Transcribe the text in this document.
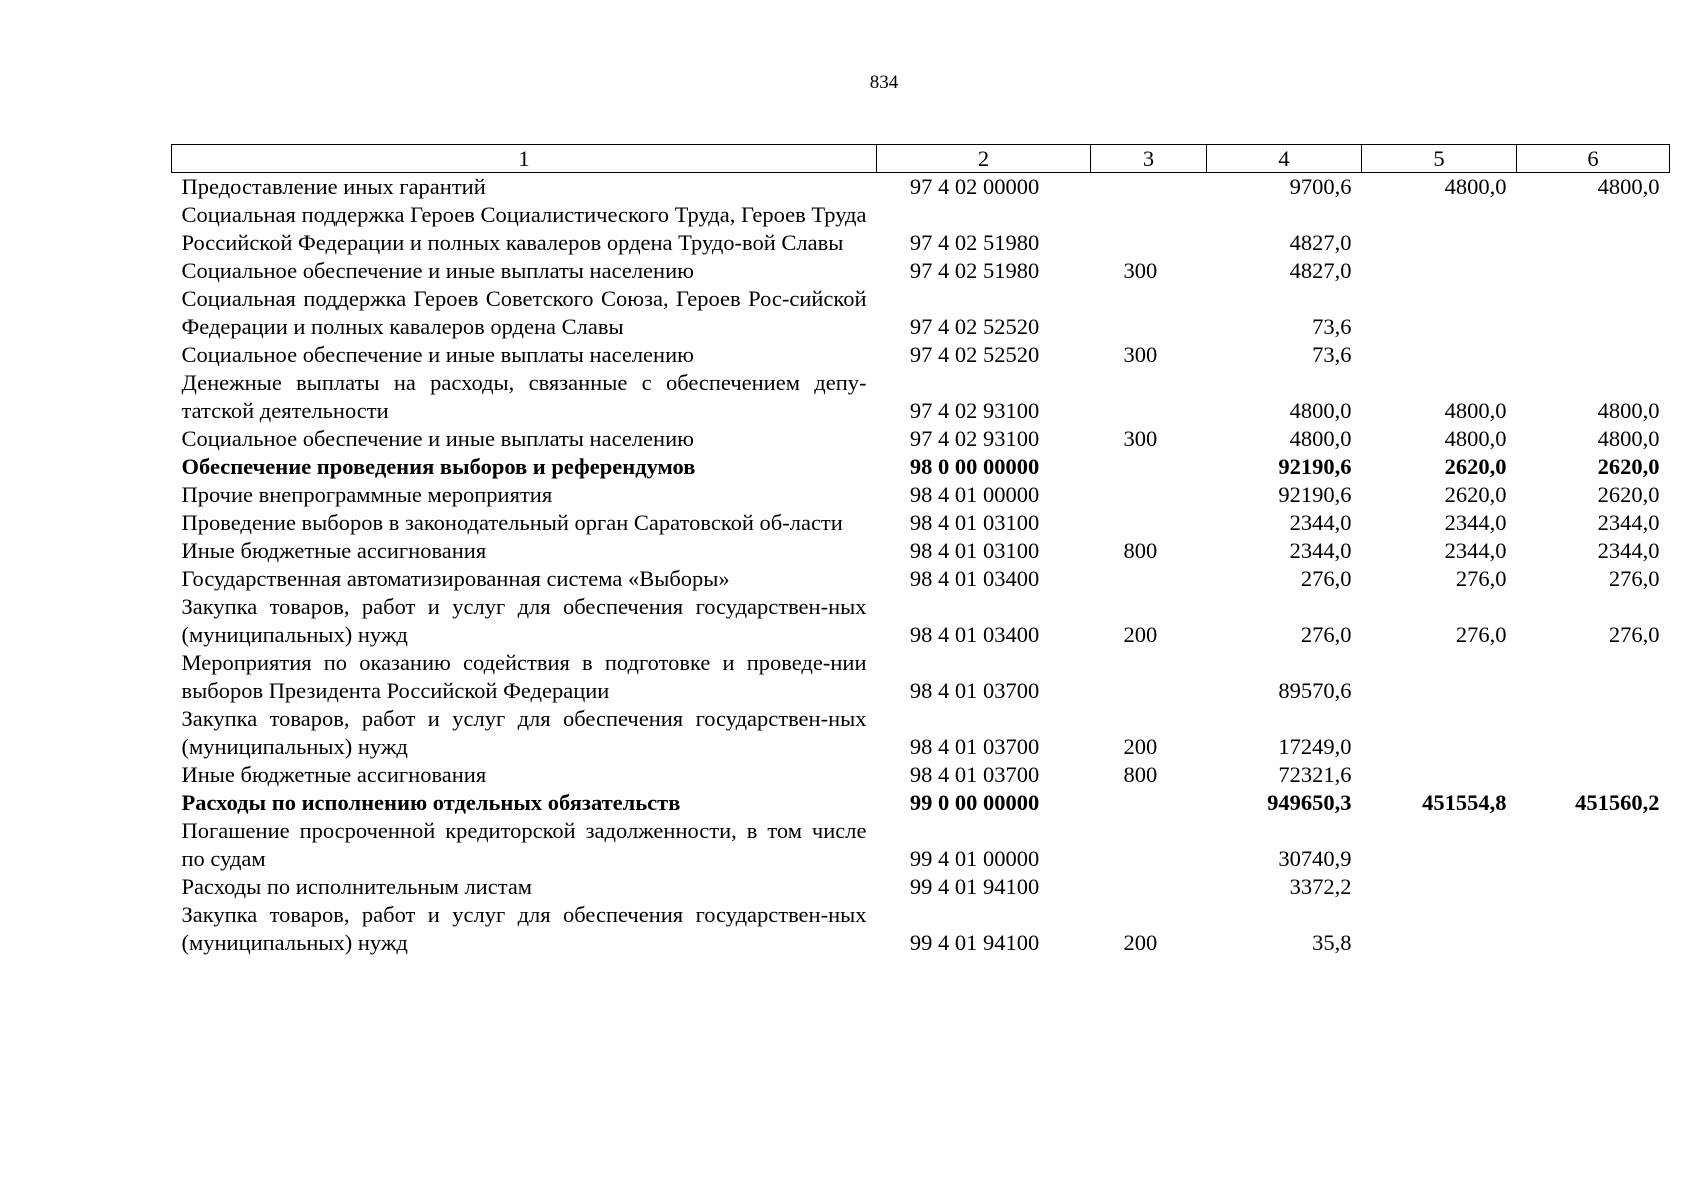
834
1	2	3	4	5	6
Предоставление иных гарантий	97 4 02 00000		9700,6	4800,0	4800,0
Социальная поддержка Героев Социалистического Труда, Героев Труда Российской Федерации и полных кавалеров ордена Трудо-вой Славы	97 4 02 51980		4827,0		
Социальное обеспечение и иные выплаты населению	97 4 02 51980	300	4827,0		
Социальная поддержка Героев Советского Союза, Героев Рос-сийской Федерации и полных кавалеров ордена Славы	97 4 02 52520		73,6		
Социальное обеспечение и иные выплаты населению	97 4 02 52520	300	73,6		
Денежные выплаты на расходы, связанные с обеспечением депу-татской деятельности	97 4 02 93100		4800,0	4800,0	4800,0
Социальное обеспечение и иные выплаты населению	97 4 02 93100	300	4800,0	4800,0	4800,0
Обеспечение проведения выборов и референдумов	98 0 00 00000		92190,6	2620,0	2620,0
Прочие внепрограммные мероприятия	98 4 01 00000		92190,6	2620,0	2620,0
Проведение выборов в законодательный орган Саратовской об-ласти	98 4 01 03100		2344,0	2344,0	2344,0
Иные бюджетные ассигнования	98 4 01 03100	800	2344,0	2344,0	2344,0
Государственная автоматизированная система «Выборы»	98 4 01 03400		276,0	276,0	276,0
Закупка товаров, работ и услуг для обеспечения государствен-ных (муниципальных) нужд	98 4 01 03400	200	276,0	276,0	276,0
Мероприятия по оказанию содействия в подготовке и проведе-нии выборов Президента Российской Федерации	98 4 01 03700		89570,6		
Закупка товаров, работ и услуг для обеспечения государствен-ных (муниципальных) нужд	98 4 01 03700	200	17249,0		
Иные бюджетные ассигнования	98 4 01 03700	800	72321,6		
Расходы по исполнению отдельных обязательств	99 0 00 00000		949650,3	451554,8	451560,2
Погашение просроченной кредиторской задолженности, в том числе по судам	99 4 01 00000		30740,9		
Расходы по исполнительным листам	99 4 01 94100		3372,2		
Закупка товаров, работ и услуг для обеспечения государствен-ных (муниципальных) нужд	99 4 01 94100	200	35,8		
